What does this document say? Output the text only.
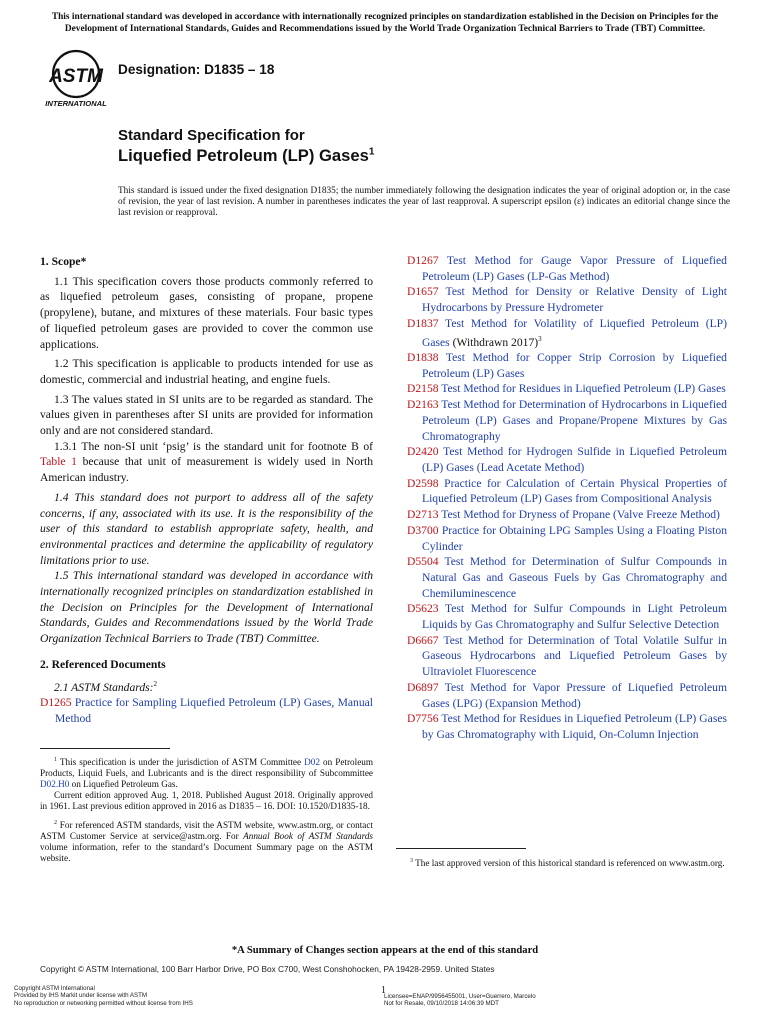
This international standard was developed in accordance with internationally recognized principles on standardization established in the Decision on Principles for the Development of International Standards, Guides and Recommendations issued by the World Trade Organization Technical Barriers to Trade (TBT) Committee.
ASTM
INTERNATIONAL
Designation: D1835 – 18
Standard Specification for
Liquefied Petroleum (LP) Gases$^1$
This standard is issued under the fixed designation D1835; the number immediately following the designation indicates the year of original adoption or, in the case of revision, the year of last revision. A number in parentheses indicates the year of last reapproval. A superscript epsilon (ε) indicates an editorial change since the last revision or reapproval.
1. Scope*
1.1 This specification covers those products commonly referred to as liquefied petroleum gases, consisting of propane, propene (propylene), butane, and mixtures of these materials. Four basic types of liquefied petroleum gases are provided to cover the common use applications.
1.2 This specification is applicable to products intended for use as domestic, commercial and industrial heating, and engine fuels.
1.3 The values stated in SI units are to be regarded as standard. The values given in parentheses after SI units are provided for information only and are not considered standard.
1.3.1 The non-SI unit ‘psig’ is the standard unit for footnote B of Table 1 because that unit of measurement is widely used in North American industry.
1.4 This standard does not purport to address all of the safety concerns, if any, associated with its use. It is the responsibility of the user of this standard to establish appropriate safety, health, and environmental practices and determine the applicability of regulatory limitations prior to use.
1.5 This international standard was developed in accordance with internationally recognized principles on standardization established in the Decision on Principles for the Development of International Standards, Guides and Recommendations issued by the World Trade Organization Technical Barriers to Trade (TBT) Committee.
2. Referenced Documents
2.1 ASTM Standards:$^2$
D1265 Practice for Sampling Liquefied Petroleum (LP) Gases, Manual Method
D1267 Test Method for Gauge Vapor Pressure of Liquefied Petroleum (LP) Gases (LP-Gas Method)
D1657 Test Method for Density or Relative Density of Light Hydrocarbons by Pressure Hydrometer
D1837 Test Method for Volatility of Liquefied Petroleum (LP) Gases (Withdrawn 2017)$^3$
D1838 Test Method for Copper Strip Corrosion by Liquefied Petroleum (LP) Gases
D2158 Test Method for Residues in Liquefied Petroleum (LP) Gases
D2163 Test Method for Determination of Hydrocarbons in Liquefied Petroleum (LP) Gases and Propane/Propene Mixtures by Gas Chromatography
D2420 Test Method for Hydrogen Sulfide in Liquefied Petroleum (LP) Gases (Lead Acetate Method)
D2598 Practice for Calculation of Certain Physical Properties of Liquefied Petroleum (LP) Gases from Compositional Analysis
D2713 Test Method for Dryness of Propane (Valve Freeze Method)
D3700 Practice for Obtaining LPG Samples Using a Floating Piston Cylinder
D5504 Test Method for Determination of Sulfur Compounds in Natural Gas and Gaseous Fuels by Gas Chromatography and Chemiluminescence
D5623 Test Method for Sulfur Compounds in Light Petroleum Liquids by Gas Chromatography and Sulfur Selective Detection
D6667 Test Method for Determination of Total Volatile Sulfur in Gaseous Hydrocarbons and Liquefied Petroleum Gases by Ultraviolet Fluorescence
D6897 Test Method for Vapor Pressure of Liquefied Petroleum Gases (LPG) (Expansion Method)
D7756 Test Method for Residues in Liquefied Petroleum (LP) Gases by Gas Chromatography with Liquid, On-Column Injection
$^1$ This specification is under the jurisdiction of ASTM Committee D02 on Petroleum Products, Liquid Fuels, and Lubricants and is the direct responsibility of Subcommittee D02.H0 on Liquefied Petroleum Gas.
Current edition approved Aug. 1, 2018. Published August 2018. Originally approved in 1961. Last previous edition approved in 2016 as D1835 – 16. DOI: 10.1520/D1835-18.
$^2$ For referenced ASTM standards, visit the ASTM website, www.astm.org, or contact ASTM Customer Service at service@astm.org. For Annual Book of ASTM Standards volume information, refer to the standard’s Document Summary page on the ASTM website.	$^3$ The last approved version of this historical standard is referenced on www.astm.org.
*A Summary of Changes section appears at the end of this standard
Copyright © ASTM International, 100 Barr Harbor Drive, PO Box C700, West Conshohocken, PA 19428-2959. United States
Copyright ASTM International
Provided by IHS Markit under license with ASTM
No reproduction or networking permitted without license from IHS
1
Licensee=ENAP/9956455001, User=Guerrero, Marcelo
Not for Resale, 09/10/2018 14:06:39 MDT
